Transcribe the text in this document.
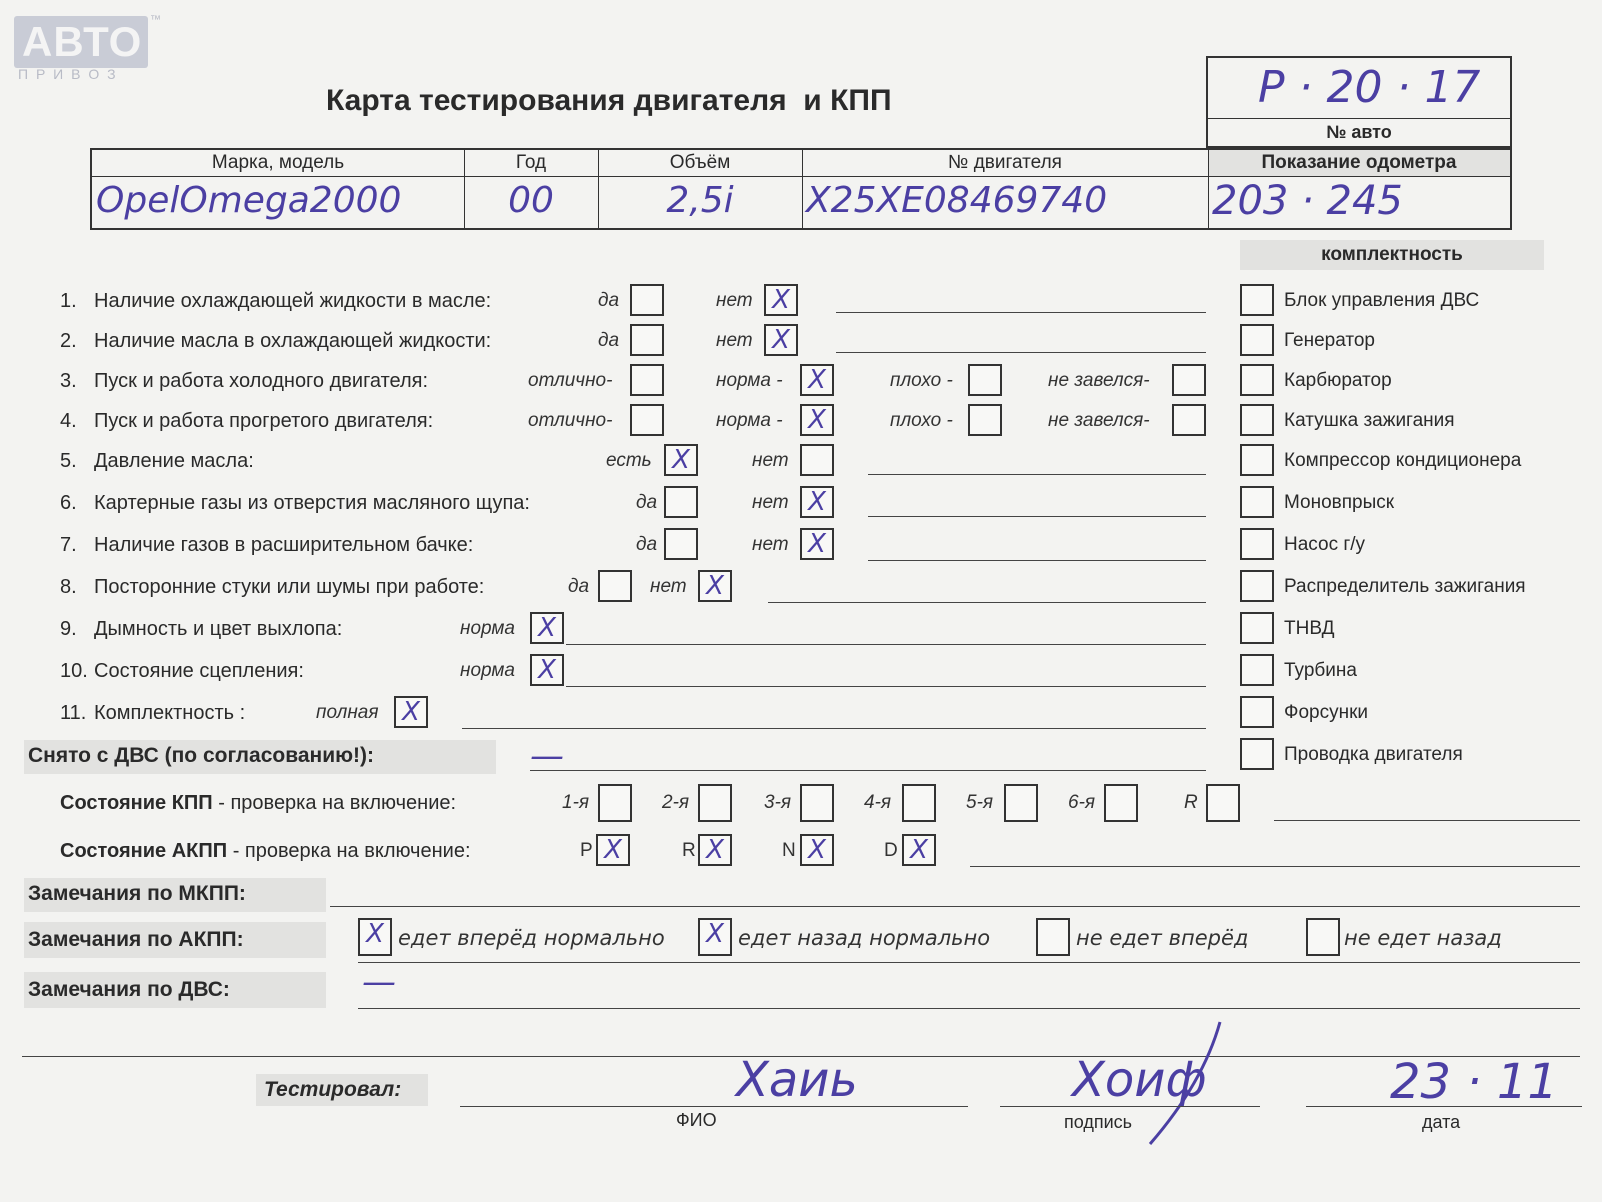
АВТО ™
П Р И В О З
Карта тестирования двигателя  и КПП	P · 20 · 17
№ авто
Марка, модель	Год	Объём	№ двигателя	Показание одометра
OpelOmega2000	00	2,5i	X25XE08469740	203 · 245
комплектность
1. Наличие охлаждающей жидкости в масле:	да	нет X
2. Наличие масла в охлаждающей жидкости:	да	нет X
3. Пуск и работа холодного двигателя:	отлично-	норма - X	плохо -	не завелся-
4. Пуск и работа прогретого двигателя:	отлично-	норма - X	плохо -	не завелся-
5. Давление масла:	есть X	нет
6. Картерные газы из отверстия масляного щупа:	да	нет X
7. Наличие газов в расширительном бачке:	да	нет X
8. Посторонние стуки или шумы при работе:	да	нет X
9. Дымность и цвет выхлопа:	норма X
10. Состояние сцепления:	норма X
11. Комплектность :	полная X
Снято с ДВС (по согласованию!):	—
Состояние КПП - проверка на включение:	1-я	2-я	3-я	4-я	5-я	6-я	R
Состояние АКПП - проверка на включение:	P X	R X	N X	D X
Замечания по МКПП:
Замечания по АКПП:	X едет вперёд нормально X едет назад нормально	не едет вперёд	не едет назад
Замечания по ДВС:	—
Блок управления ДВС
Генератор
Карбюратор
Катушка зажигания
Компрессор кондиционера
Моновпрыск
Насос г/у
Распределитель зажигания
ТНВД
Турбина
Форсунки
Проводка двигателя
Тестировал:	Хаиь
ФИО
Хоиф
подпись
23 · 11
дата
